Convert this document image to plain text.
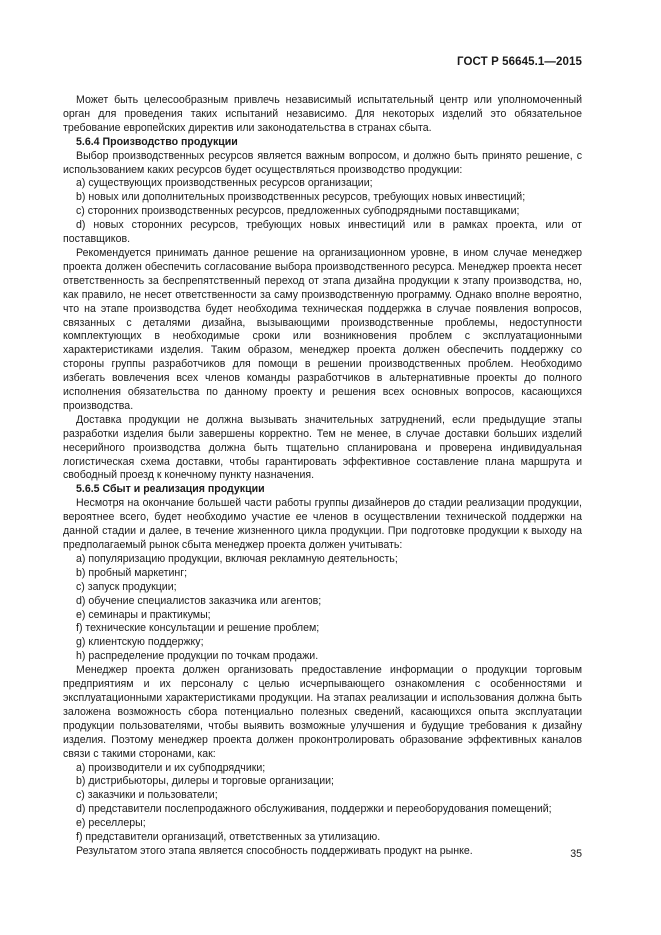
ГОСТ Р 56645.1—2015

Может быть целесообразным привлечь независимый испытательный центр или уполномоченный орган для проведения таких испытаний независимо. Для некоторых изделий это обязательное требование европейских директив или законодательства в странах сбыта.

5.6.4 Производство продукции

Выбор производственных ресурсов является важным вопросом, и должно быть принято решение, с использованием каких ресурсов будет осуществляться производство продукции:

a) существующих производственных ресурсов организации;

b) новых или дополнительных производственных ресурсов, требующих новых инвестиций;

c) сторонних производственных ресурсов, предложенных субподрядными поставщиками;

d) новых сторонних ресурсов, требующих новых инвестиций или в рамках проекта, или от поставщиков.

Рекомендуется принимать данное решение на организационном уровне, в ином случае менеджер проекта должен обеспечить согласование выбора производственного ресурса. Менеджер проекта несет ответственность за беспрепятственный переход от этапа дизайна продукции к этапу производства, но, как правило, не несет ответственности за саму производственную программу. Однако вполне вероятно, что на этапе производства будет необходима техническая поддержка в случае появления вопросов, связанных с деталями дизайна, вызывающими производственные проблемы, недоступности комплектующих в необходимые сроки или возникновения проблем с эксплуатационными характеристиками изделия. Таким образом, менеджер проекта должен обеспечить поддержку со стороны группы разработчиков для помощи в решении производственных проблем. Необходимо избегать вовлечения всех членов команды разработчиков в альтернативные проекты до полного исполнения обязательства по данному проекту и решения всех основных вопросов, касающихся производства.

Доставка продукции не должна вызывать значительных затруднений, если предыдущие этапы разработки изделия были завершены корректно. Тем не менее, в случае доставки больших изделий несерийного производства должна быть тщательно спланирована и проверена индивидуальная логистическая схема доставки, чтобы гарантировать эффективное составление плана маршрута и свободный проезд к конечному пункту назначения.

5.6.5 Сбыт и реализация продукции

Несмотря на окончание большей части работы группы дизайнеров до стадии реализации продукции, вероятнее всего, будет необходимо участие ее членов в осуществлении технической поддержки на данной стадии и далее, в течение жизненного цикла продукции. При подготовке продукции к выходу на предполагаемый рынок сбыта менеджер проекта должен учитывать:

a) популяризацию продукции, включая рекламную деятельность;

b) пробный маркетинг;

c) запуск продукции;

d) обучение специалистов заказчика или агентов;

e) семинары и практикумы;

f) технические консультации и решение проблем;

g) клиентскую поддержку;

h) распределение продукции по точкам продажи.

Менеджер проекта должен организовать предоставление информации о продукции торговым предприятиям и их персоналу с целью исчерпывающего ознакомления с особенностями и эксплуатационными характеристиками продукции. На этапах реализации и использования должна быть заложена возможность сбора потенциально полезных сведений, касающихся опыта эксплуатации продукции пользователями, чтобы выявить возможные улучшения и будущие требования к дизайну изделия. Поэтому менеджер проекта должен проконтролировать образование эффективных каналов связи с такими сторонами, как:

a) производители и их субподрядчики;

b) дистрибьюторы, дилеры и торговые организации;

c) заказчики и пользователи;

d) представители послепродажного обслуживания, поддержки и переоборудования помещений;

e) реселлеры;

f) представители организаций, ответственных за утилизацию.

Результатом этого этапа является способность поддерживать продукт на рынке.	35
